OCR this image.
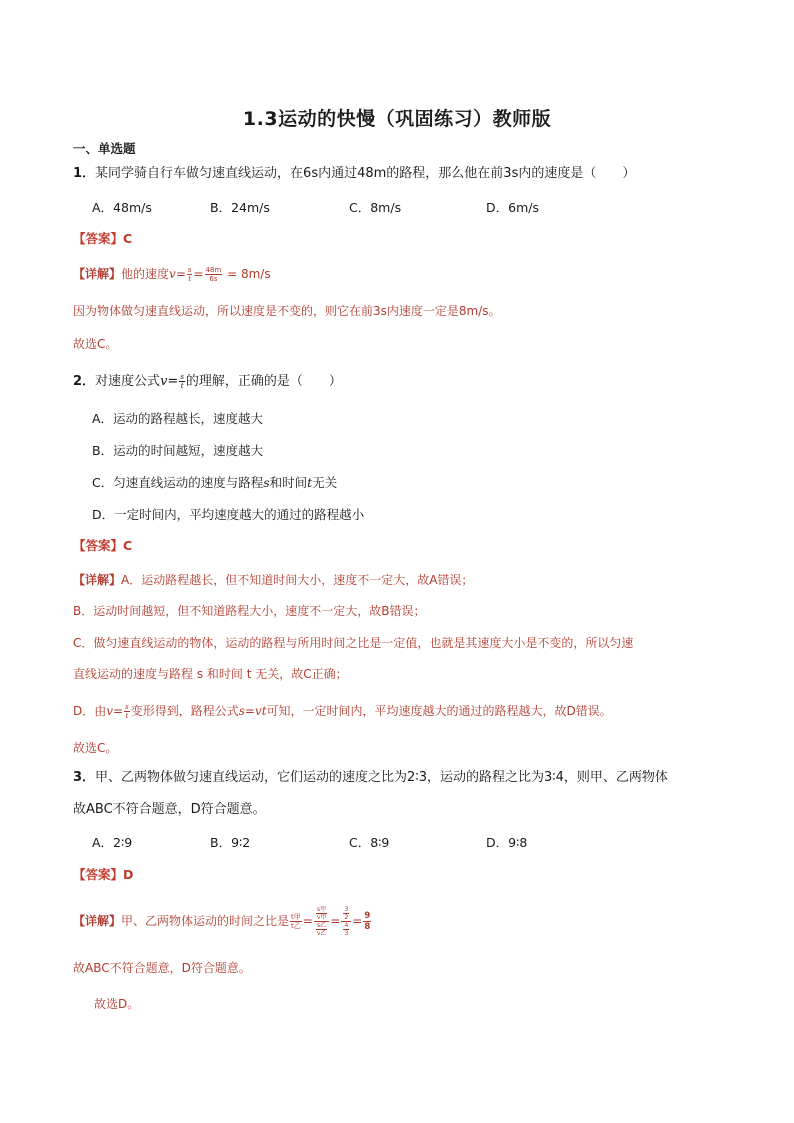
1.3运动的快慢（巩固练习）教师版
一、单选题
1．某同学骑自行车做匀速直线运动，在6s内通过48m的路程，那么他在前3s内的速度是（　　）
A．48m/s	B．24m/s	C．8m/s	D．6m/s
【答案】C
【详解】他的速度$v= \frac{s}{t} = \frac{48m}{6s} = 8m/s$
因为物体做匀速直线运动，所以速度是不变的，则它在前3s内速度一定是8m/s。
故选C。
2．对速度公式$v= \frac{s}{t}$ 的理解，正确的是（　　）
A．运动的路程越长，速度越大
B．运动的时间越短，速度越大
C．匀速直线运动的速度与路程s和时间t无关
D．一定时间内，平均速度越大的通过的路程越小
【答案】C
【详解】A．运动路程越长，但不知道时间大小，速度不一定大，故A错误；
B．运动时间越短，但不知道路程大小，速度不一定大，故B错误；
C．做匀速直线运动的物体，运动的路程与所用时间之比是一定值，也就是其速度大小是不变的，所以匀速
直线运动的速度与路程 s 和时间 t 无关，故C正确；
D．由$v= \frac{s}{t}$ 变形得到，路程公式s=vt可知，一定时间内，平均速度越大的通过的路程越大，故D错误。
故选C。
3．甲、乙两物体做匀速直线运动，它们运动的速度之比为2∶3，运动的路程之比为3∶4，则甲、乙两物体
故ABC不符合题意，D符合题意。
A．2∶9	B．9∶2	C．8∶9	D．9∶8
【答案】D
【详解】甲、乙两物体运动的时间之比是 $\frac{\text{t甲}}{\text{t乙}} = \frac{\frac{\text{s甲}}{\text{v甲}}}{\frac{\text{s乙}}{\text{v乙}}} = \frac{\frac{3}{2}}{\frac{4}{3}} = \frac{9}{8}$
故ABC不符合题意，D符合题意。
故选D。
